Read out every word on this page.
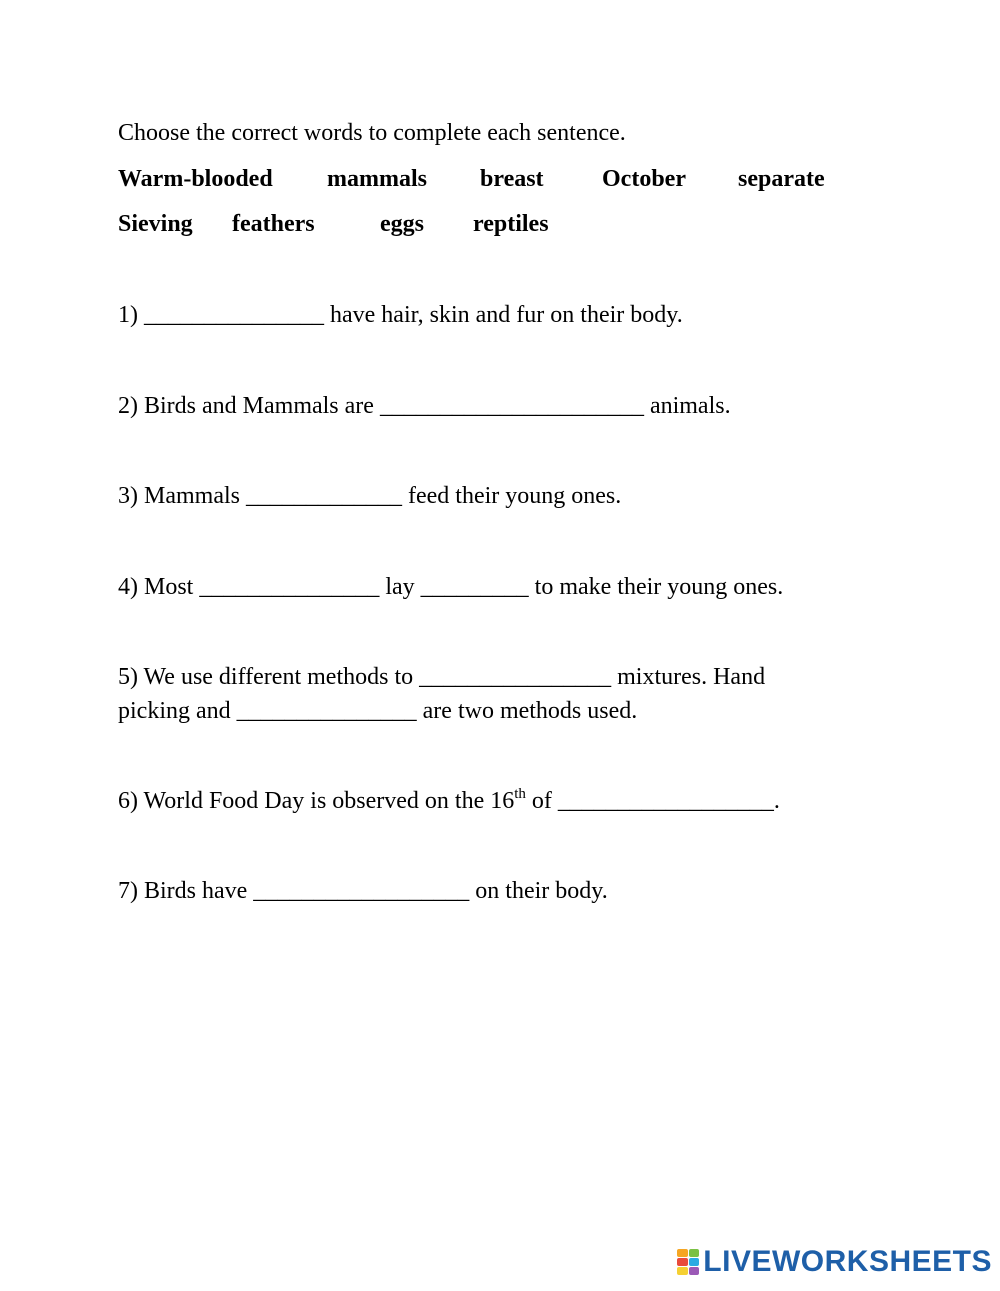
Choose the correct words to complete each sentence.
Warm-blooded mammals breast October separate
Sieving feathers	eggs reptiles
1) _______________ have hair, skin and fur on their body.
2) Birds and Mammals are ______________________ animals.
3) Mammals _____________ feed their young ones.
4) Most _______________ lay _________ to make their young ones.
5) We use different methods to ________________ mixtures. Hand
picking and _______________ are two methods used.
6) World Food Day is observed on the 16th of __________________.
7) Birds have __________________ on their body.
LIVEWORKSHEETS
